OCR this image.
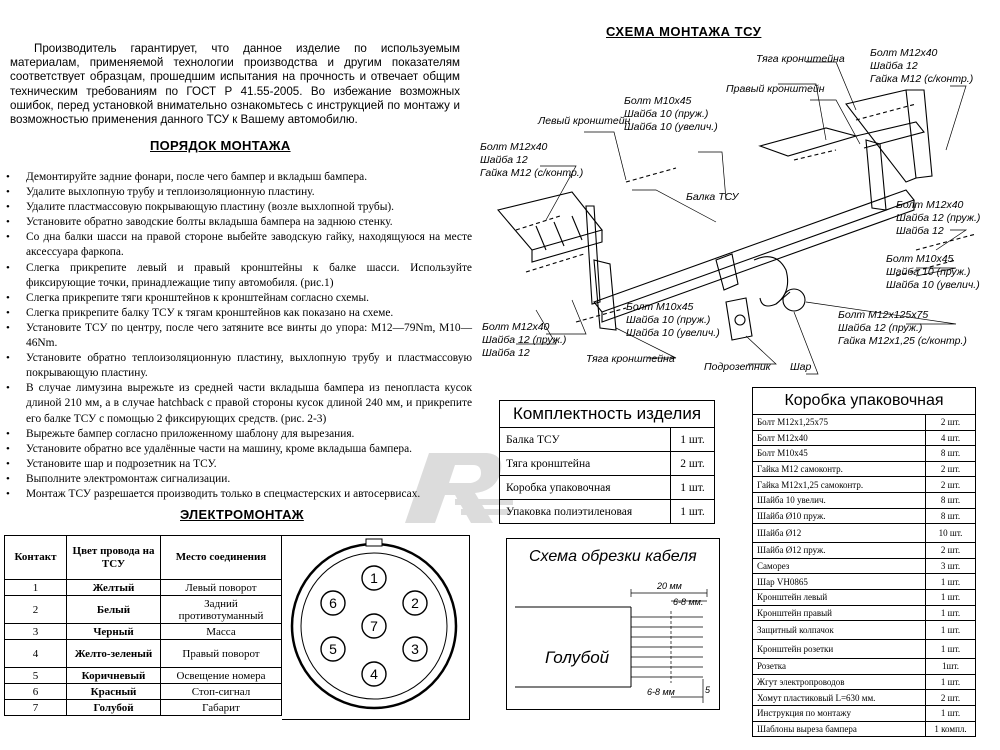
Производитель гарантирует, что данное изделие по используемым материалам, применяемой технологии производства и другим показателям соответствует образцам, прошедшим испытания на прочность и отвечает общим техническим требованиям по ГОСТ Р 41.55-2005. Во избежание возможных ошибок, перед установкой внимательно ознакомьтесь с инструкцией по монтажу и возможностью применения данного ТСУ к Вашему автомобилю.

ПОРЯДОК МОНТАЖА
• Демонтируйте задние фонари, после чего бампер и вкладыш бампера.
• Удалите выхлопную трубу и теплоизоляционную пластину.
• Удалите пластмассовую покрывающую пластину (возле выхлопной трубы).
• Установите обратно заводские болты вкладыша бампера на заднюю стенку.
• Со дна балки шасси на правой стороне выбейте заводскую гайку, находящуюся на месте аксессуара фаркопа.
• Слегка прикрепите левый и правый кронштейны к балке шасси. Используйте фиксирующие точки, принадлежащие типу автомобиля. (рис.1)
• Слегка прикрепите тяги кронштейнов к кронштейнам согласно схемы.
• Слегка прикрепите балку ТСУ к тягам кронштейнов как показано на схеме.
• Установите ТСУ по центру, после чего затяните все винты до упора: М12—79Nm, М10—46Nm.
• Установите обратно теплоизоляционную пластину, выхлопную трубу и пластмассовую покрывающую пластину.
• В случае лимузина вырежьте из средней части вкладыша бампера из пенопласта кусок длиной 210 мм, а в случае hatchback с правой стороны кусок длиной 240 мм, и прикрепите его балке ТСУ с помощью 2 фиксирующих средств. (рис. 2-3)
• Вырежьте бампер согласно приложенному шаблону для вырезания.
• Установите обратно все удалённые части на машину, кроме вкладыша бампера.
• Установите шар и подрозетник на ТСУ.
• Выполните электромонтаж сигнализации.
• Монтаж ТСУ разрешается производить только в спецмастерских и автосервисах.
ЭЛЕКТРОМОНТАЖ
Контакт	Цвет провода на ТСУ	Место соединения
1	Желтый	Левый поворот
2	Белый	Задний противотуманный
3	Черный	Масса
4	Желто-зеленый	Правый поворот
5	Коричневый	Освещение номера
6	Красный	Стоп-сигнал
7	Голубой	Габарит
1
2
3
4
5
6
7
СХЕМА МОНТАЖА ТСУ
Тяга кронштейна Болт М12х40
Шайба 12
Гайка М12 (с/контр.)
Правый кронштейн
Болт М10х45
Шайба 10 (пруж.)
Шайба 10 (увелич.)
Левый кронштейн
Болт М12х40
Шайба 12
Гайка М12 (с/контр.)
Балка ТСУ
Болт М12х40
Шайба 12 (пруж.)
Шайба 12
Болт М10х45
Шайба 10 (пруж.)
Шайба 10 (увелич.)
Болт М12х125х75
Шайба 12 (пруж.)
Гайка М12х1,25 (с/контр.)
Болт М10х45
Шайба 10 (пруж.)
Шайба 10 (увелич.)
Болт М12х40
Шайба 12 (пруж.)
Шайба 12	Тяга кронштейна
Подрозетник Шар
Комплектность изделия
Балка ТСУ	1 шт.
Тяга кронштейна	2 шт.
Коробка упаковочная	1 шт.
Упаковка полиэтиленовая	1 шт.
Коробка упаковочная
Болт М12х1,25х75	2 шт.
Болт М12х40	4 шт.
Болт М10х45	8 шт.
Гайка М12 самоконтр.	2 шт.
Гайка М12х1,25 самоконтр.	2 шт.
Шайба 10 увелич.	8 шт.
Шайба Ø10 пруж.	8 шт.
Шайба Ø12	10 шт.
Шайба Ø12 пруж.	2 шт.
Саморез	3 шт.
Шар VH0865	1 шт.
Кронштейн левый	1 шт.
Кронштейн правый	1 шт.
Защитный колпачок	1 шт.
Кронштейн розетки	1 шт.
Розетка	1шт.
Жгут электропроводов	1 шт.
Хомут пластиковый L=630 мм.	2 шт.
Инструкция по монтажу	1 шт.
Шаблоны выреза бампера	1 компл.
Схема обрезки кабеля
20 мм
6-8 мм.
6-8 мм	5
Голубой
